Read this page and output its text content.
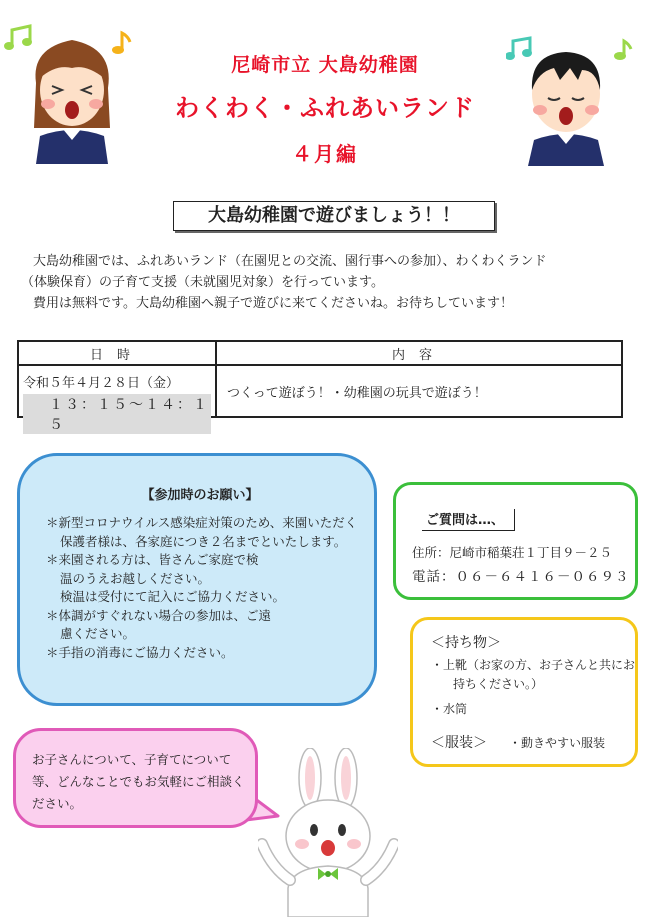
尼崎市立 大島幼稚園
わくわく・ふれあいランド
４月編
大島幼稚園で遊びましょう！！

大島幼稚園では、ふれあいランド（在園児との交流、園行事への参加）、わくわくランド

（体験保育）の子育て支援（未就園児対象）を行っています。

費用は無料です。大島幼稚園へ親子で遊びに来てくださいね。お待ちしています！

日時	内容

令和５年４月２８日（金）
１３：１５～１４：１５	つくって遊ぼう！・幼稚園の玩具で遊ぼう！
【参加時のお願い】
＊新型コロナウイルス感染症対策のため、来園いただく保護者様は、各家庭につき２名までといたします。
＊来園される方は、皆さんご家庭で検温のうえお越しください。
検温は受付にて記入にご協力ください。
＊体調がすぐれない場合の参加は、ご遠慮ください。
＊手指の消毒にご協力ください。
ご質問は…、
住所：尼崎市稲葉荘１丁目９－２５
電話：０６－６４１６－０６９３
＜持ち物＞
・上靴（お家の方、お子さんと共にお持ちください。）
・水筒
＜服装＞ ・動きやすい服装
お子さんについて、子育てについて等、どんなことでもお気軽にご相談ください。
